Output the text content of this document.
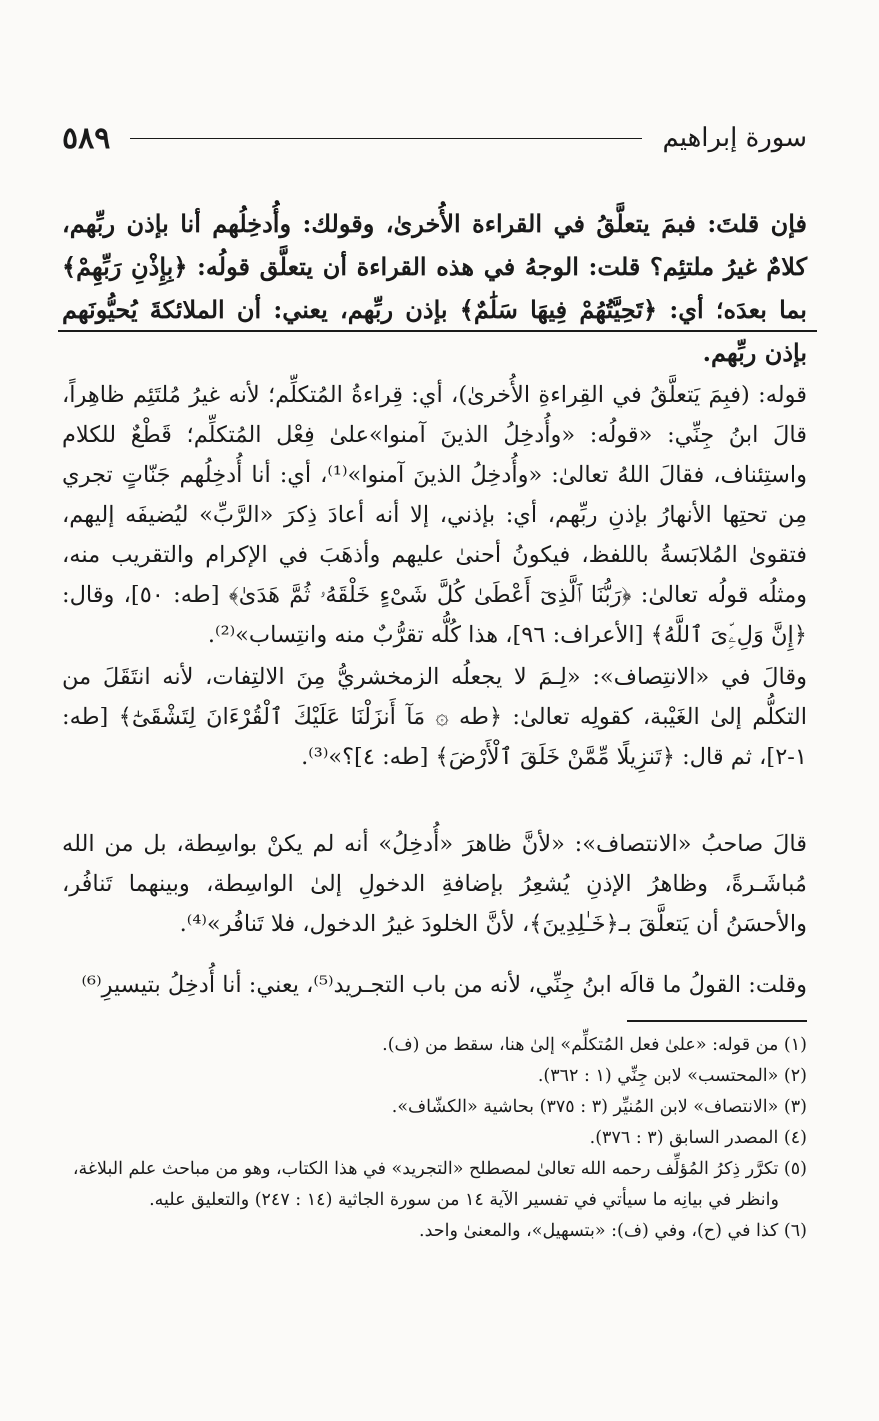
سورة إبراهيم
٥٨٩

فإن قلتَ: فبمَ يتعلَّقُ في القراءة الأُخرىٰ، وقولك: وأُدخِلُهم أنا بإذن ربِّهم، كلامٌ غيرُ ملتئِم؟ قلت: الوجهُ في هذه القراءة أن يتعلَّق قولُه: ﴿بِإِذْنِ رَبِّهِمْ﴾ بما بعدَه؛ أي: ﴿تَحِيَّتُهُمْ فِيهَا سَلَٰمٌ﴾ بإذن ربِّهم، يعني: أن الملائكةَ يُحيُّونَهم بإذن ربِّهم.

قوله: (فبِمَ يَتعلَّقُ في القِراءةِ الأُخرىٰ)، أي: قِراءةُ المُتكلِّم؛ لأنه غيرُ مُلتَئِم ظاهِراً، قالَ ابنُ جِنِّي: «قولُه: «وأُدخِلُ الذينَ آمنوا»علىٰ فِعْل المُتكلِّم؛ قَطْعٌ للكلام واستِئناف، فقالَ اللهُ تعالىٰ: «وأُدخِلُ الذينَ آمنوا»⁽¹⁾، أي: أنا أُدخِلُهم جَنّاتٍ تجري مِن تحتِها الأنهارُ بإذنِ ربِّهم، أي: بإذني، إلا أنه أعادَ ذِكرَ «الرَّبِّ» ليُضيفَه إليهم، فتقوىٰ المُلابَسةُ باللفظ، فيكونُ أحنىٰ عليهم وأذهَبَ في الإكرام والتقريب منه، ومثلُه قولُه تعالىٰ: ﴿رَبُّنَا ٱلَّذِىٓ أَعْطَىٰ كُلَّ شَىْءٍ خَلْقَهُۥ ثُمَّ هَدَىٰ﴾ [طه: ٥٠]، وقال: ﴿إِنَّ وَلِۦِّىَ ٱللَّهُ﴾ [الأعراف: ٩٦]، هذا كُلُّه تقرُّبٌ منه وانتِساب»⁽²⁾.

وقالَ في «الانتِصاف»: «لِـمَ لا يجعلُه الزمخشريُّ مِنَ الالتِفات، لأنه انتَقَلَ من التكلُّم إلىٰ الغَيْبة، كقولِه تعالىٰ: ﴿طه ۞ مَآ أَنزَلْنَا عَلَيْكَ ٱلْقُرْءَانَ لِتَشْقَىٰٓ﴾ [طه: ١-٢]، ثم قال: ﴿تَنزِيلًا مِّمَّنْ خَلَقَ ٱلْأَرْضَ﴾ [طه: ٤]؟»⁽³⁾.

قالَ صاحبُ «الانتصاف»: «لأنَّ ظاهرَ «أُدخِلُ» أنه لم يكنْ بواسِطة، بل من الله مُباشَـرةً، وظاهرُ الإذنِ يُشعِرُ بإضافةِ الدخولِ إلىٰ الواسِطة، وبينهما تَنافُر، والأحسَنُ أن يَتعلَّقَ بـ﴿خَـٰلِدِينَ﴾، لأنَّ الخلودَ غيرُ الدخول، فلا تَنافُر»⁽⁴⁾.

وقلت: القولُ ما قالَه ابنُ جِنِّي، لأنه من باب التجـريد⁽⁵⁾، يعني: أنا أُدخِلُ بتيسيرِ⁽⁶⁾

(١) من قوله: «علىٰ فعل المُتكلِّم» إلىٰ هنا، سقط من (ف).

(٢) «المحتسب» لابن جِنِّي (١ : ٣٦٢).

(٣) «الانتصاف» لابن المُنيِّر (٣ : ٣٧٥) بحاشية «الكشّاف».

(٤) المصدر السابق (٣ : ٣٧٦).

(٥) تكرَّر ذِكرُ المُؤلِّف رحمه الله تعالىٰ لمصطلح «التجريد» في هذا الكتاب، وهو من مباحث علم البلاغة،

وانظر في بيانِه ما سيأتي في تفسير الآية ١٤ من سورة الجاثية (١٤ : ٢٤٧) والتعليق عليه.

(٦) كذا في (ح)، وفي (ف): «بتسهيل»، والمعنىٰ واحد.
